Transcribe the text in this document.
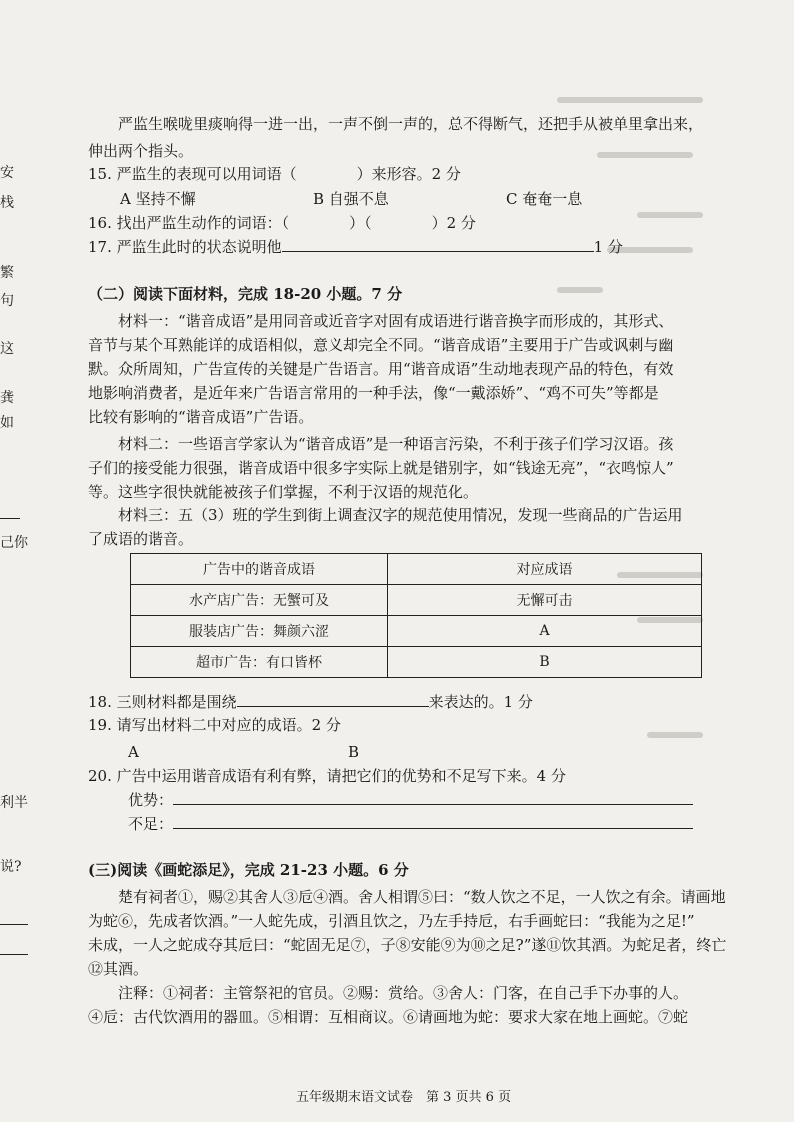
安
栈
繁
句
这
龚
如
己你
利半
说?
严监生喉咙里痰响得一进一出，一声不倒一声的，总不得断气，还把手从被单里拿出来，
伸出两个指头。
15. 严监生的表现可以用词语（　　　　）来形容。2 分
A 坚持不懈	B 自强不息	C 奄奄一息
16. 找出严监生动作的词语：（　　　　）（　　　　）2 分
17. 严监生此时的状态说明他	1 分
（二）阅读下面材料，完成 18-20 小题。7 分
材料一：“谐音成语”是用同音或近音字对固有成语进行谐音换字而形成的，其形式、
音节与某个耳熟能详的成语相似，意义却完全不同。“谐音成语”主要用于广告或讽刺与幽
默。众所周知，广告宣传的关键是广告语言。用“谐音成语”生动地表现产品的特色，有效
地影响消费者，是近年来广告语言常用的一种手法，像“一戴添娇”、“鸡不可失”等都是
比较有影响的“谐音成语”广告语。
材料二：一些语言学家认为“谐音成语”是一种语言污染，不利于孩子们学习汉语。孩
子们的接受能力很强，谐音成语中很多字实际上就是错别字，如“钱途无亮”，“衣鸣惊人”
等。这些字很快就能被孩子们掌握，不利于汉语的规范化。
材料三：五（3）班的学生到街上调查汉字的规范使用情况，发现一些商品的广告运用
了成语的谐音。
广告中的谐音成语	对应成语
水产店广告：无蟹可及	无懈可击
服装店广告：舞颜六涩	A
超市广告：有口皆杯	B
18. 三则材料都是围绕	来表达的。1 分
19. 请写出材料二中对应的成语。2 分
A	B
20. 广告中运用谐音成语有利有弊，请把它们的优势和不足写下来。4 分
优势：
不足：
(三)阅读《画蛇添足》，完成 21-23 小题。6 分
楚有祠者①，赐②其舍人③卮④酒。舍人相谓⑤曰：“数人饮之不足，一人饮之有余。请画地
为蛇⑥，先成者饮酒。”一人蛇先成，引酒且饮之，乃左手持卮，右手画蛇曰：“我能为之足!”
未成，一人之蛇成夺其卮曰：“蛇固无足⑦，子⑧安能⑨为⑩之足?”遂⑪饮其酒。为蛇足者，终亡
⑫其酒。
注释：①祠者：主管祭祀的官员。②赐：赏给。③舍人：门客，在自己手下办事的人。
④卮：古代饮酒用的器皿。⑤相谓：互相商议。⑥请画地为蛇：要求大家在地上画蛇。⑦蛇
五年级期末语文试卷　第 3 页共 6 页
